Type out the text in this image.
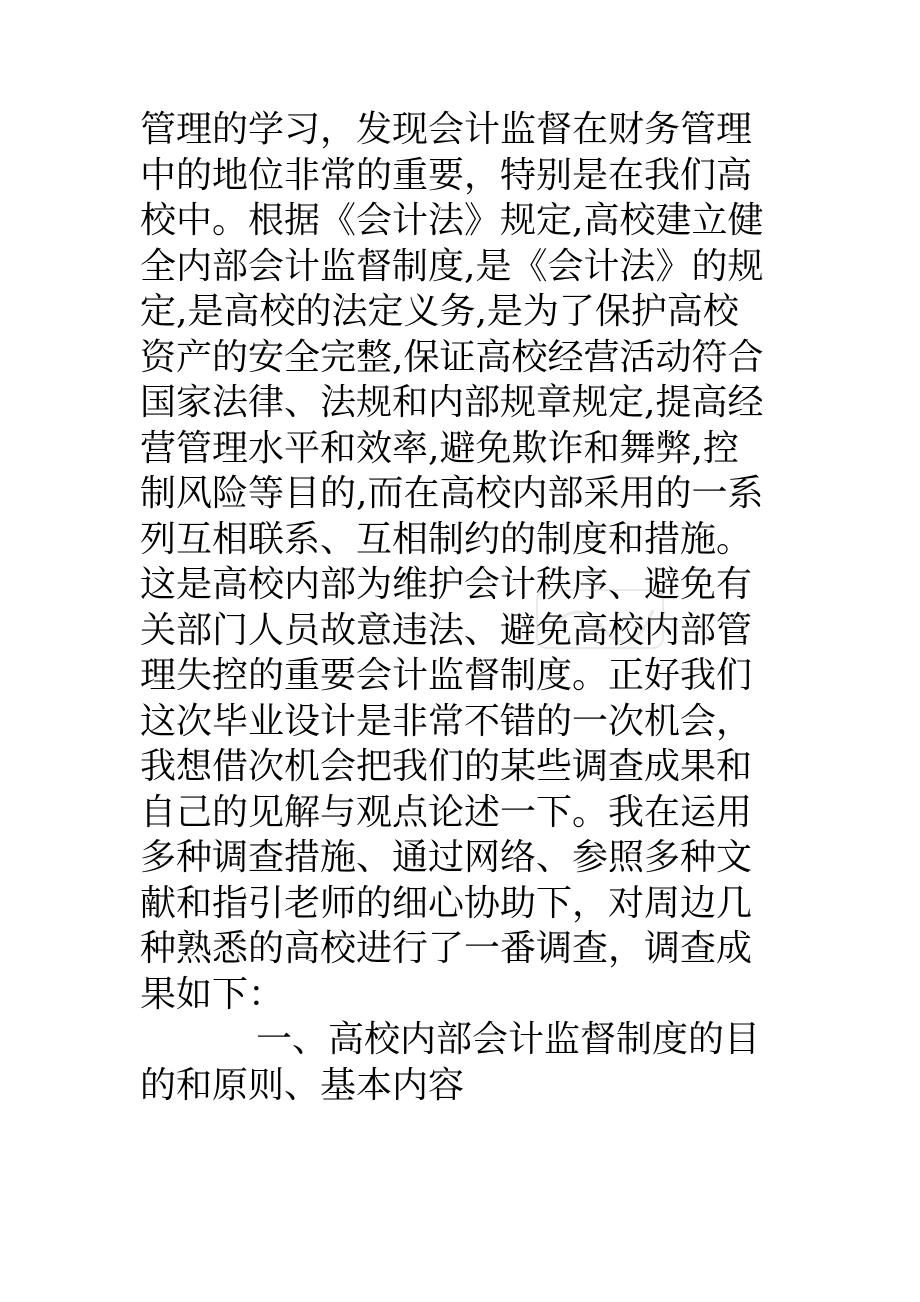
管理的学习，发现会计监督在财务管理
中的地位非常的重要，特别是在我们高
校中。根据《会计法》规定,高校建立健
全内部会计监督制度,是《会计法》的规
定,是高校的法定义务,是为了保护高校
资产的安全完整,保证高校经营活动符合
国家法律、法规和内部规章规定,提高经
营管理水平和效率,避免欺诈和舞弊,控
制风险等目的,而在高校内部采用的一系
列互相联系、互相制约的制度和措施。
这是高校内部为维护会计秩序、避免有
关部门人员故意违法、避免高校内部管
理失控的重要会计监督制度。正好我们
这次毕业设计是非常不错的一次机会，
我想借次机会把我们的某些调查成果和
自己的见解与观点论述一下。我在运用
多种调查措施、通过网络、参照多种文
献和指引老师的细心协助下，对周边几
种熟悉的高校进行了一番调查，调查成
果如下：
一、高校内部会计监督制度的目
的和原则、基本内容
